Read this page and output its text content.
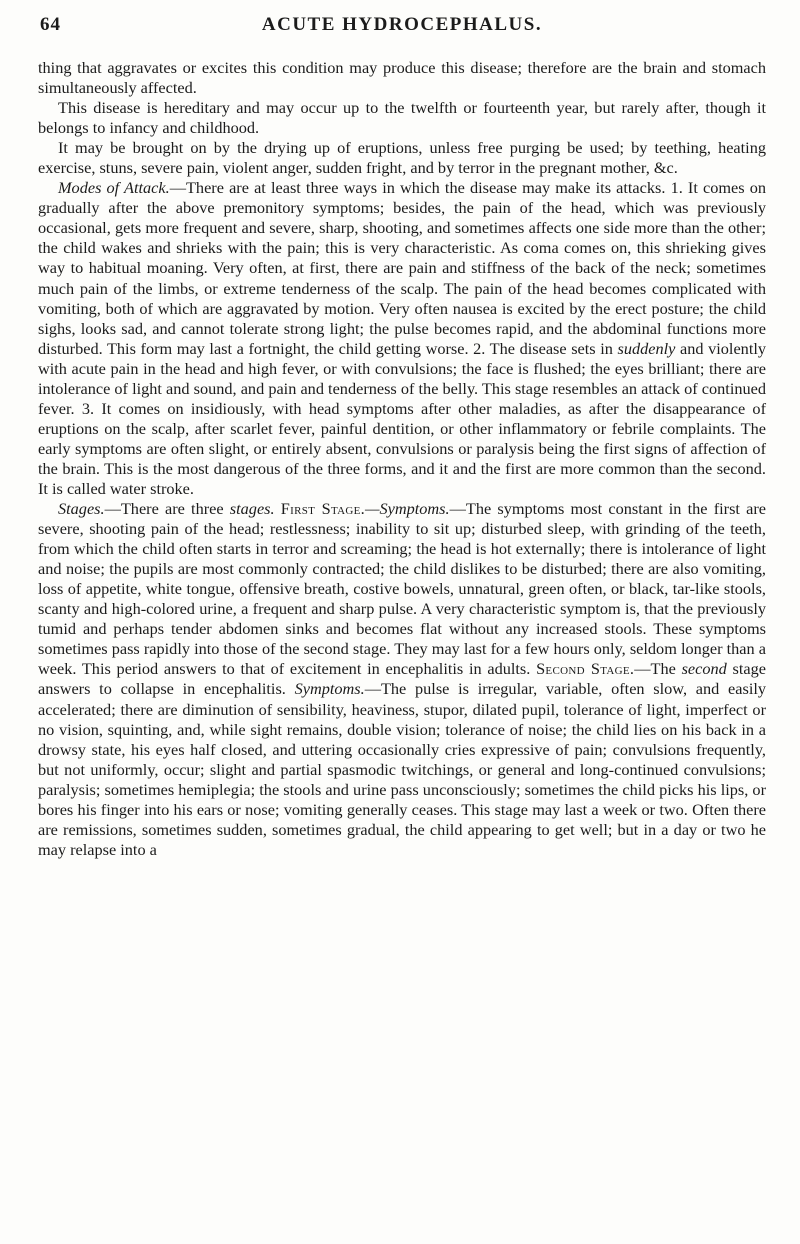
64	ACUTE HYDROCEPHALUS.

thing that aggravates or excites this condition may produce this disease; therefore are the brain and stomach simultaneously affected.

This disease is hereditary and may occur up to the twelfth or fourteenth year, but rarely after, though it belongs to infancy and childhood.

It may be brought on by the drying up of eruptions, unless free purging be used; by teething, heating exercise, stuns, severe pain, violent anger, sudden fright, and by terror in the pregnant mother, &c.

Modes of Attack.—There are at least three ways in which the disease may make its attacks. 1. It comes on gradually after the above premonitory symptoms; besides, the pain of the head, which was previously occasional, gets more frequent and severe, sharp, shooting, and sometimes affects one side more than the other; the child wakes and shrieks with the pain; this is very characteristic. As coma comes on, this shrieking gives way to habitual moaning. Very often, at first, there are pain and stiffness of the back of the neck; sometimes much pain of the limbs, or extreme tenderness of the scalp. The pain of the head becomes complicated with vomiting, both of which are aggravated by motion. Very often nausea is excited by the erect posture; the child sighs, looks sad, and cannot tolerate strong light; the pulse becomes rapid, and the abdominal functions more disturbed. This form may last a fortnight, the child getting worse. 2. The disease sets in suddenly and violently with acute pain in the head and high fever, or with convulsions; the face is flushed; the eyes brilliant; there are intolerance of light and sound, and pain and tenderness of the belly. This stage resembles an attack of continued fever. 3. It comes on insidiously, with head symptoms after other maladies, as after the disappearance of eruptions on the scalp, after scarlet fever, painful dentition, or other inflammatory or febrile complaints. The early symptoms are often slight, or entirely absent, convulsions or paralysis being the first signs of affection of the brain. This is the most dangerous of the three forms, and it and the first are more common than the second. It is called water stroke.

Stages.—There are three stages. First Stage.—Symptoms.—The symptoms most constant in the first are severe, shooting pain of the head; restlessness; inability to sit up; disturbed sleep, with grinding of the teeth, from which the child often starts in terror and screaming; the head is hot externally; there is intolerance of light and noise; the pupils are most commonly contracted; the child dislikes to be disturbed; there are also vomiting, loss of appetite, white tongue, offensive breath, costive bowels, unnatural, green often, or black, tar-like stools, scanty and high-colored urine, a frequent and sharp pulse. A very characteristic symptom is, that the previously tumid and perhaps tender abdomen sinks and becomes flat without any increased stools. These symptoms sometimes pass rapidly into those of the second stage. They may last for a few hours only, seldom longer than a week. This period answers to that of excitement in encephalitis in adults. Second Stage.—The second stage answers to collapse in encephalitis. Symptoms.—The pulse is irregular, variable, often slow, and easily accelerated; there are diminution of sensibility, heaviness, stupor, dilated pupil, tolerance of light, imperfect or no vision, squinting, and, while sight remains, double vision; tolerance of noise; the child lies on his back in a drowsy state, his eyes half closed, and uttering occasionally cries expressive of pain; convulsions frequently, but not uniformly, occur; slight and partial spasmodic twitchings, or general and long-continued convulsions; paralysis; sometimes hemiplegia; the stools and urine pass unconsciously; sometimes the child picks his lips, or bores his finger into his ears or nose; vomiting generally ceases. This stage may last a week or two. Often there are remissions, sometimes sudden, sometimes gradual, the child appearing to get well; but in a day or two he may relapse into a
